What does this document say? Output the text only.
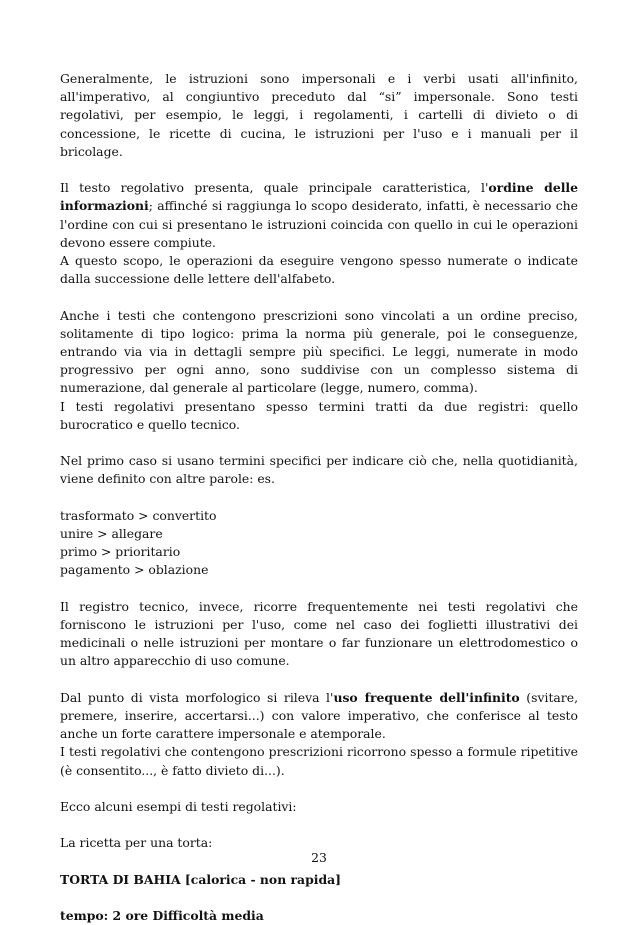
Generalmente, le istruzioni sono impersonali e i verbi usati all'infinito, all'imperativo, al congiuntivo preceduto dal “si” impersonale. Sono testi regolativi, per esempio, le leggi, i regolamenti, i cartelli di divieto o di concessione, le ricette di cucina, le istruzioni per l'uso e i manuali per il bricolage.

Il testo regolativo presenta, quale principale caratteristica, l'ordine delle informazioni; affinché si raggiunga lo scopo desiderato, infatti, è necessario che l'ordine con cui si presentano le istruzioni coincida con quello in cui le operazioni devono essere compiute.

A questo scopo, le operazioni da eseguire vengono spesso numerate o indicate dalla successione delle lettere dell'alfabeto.

Anche i testi che contengono prescrizioni sono vincolati a un ordine preciso, solitamente di tipo logico: prima la norma più generale, poi le conseguenze, entrando via via in dettagli sempre più specifici. Le leggi, numerate in modo progressivo per ogni anno, sono suddivise con un complesso sistema di numerazione, dal generale al particolare (legge, numero, comma).

I testi regolativi presentano spesso termini tratti da due registri: quello burocratico e quello tecnico.

Nel primo caso si usano termini specifici per indicare ciò che, nella quotidianità, viene definito con altre parole: es.

trasformato > convertito

unire > allegare

primo > prioritario

pagamento > oblazione

Il registro tecnico, invece, ricorre frequentemente nei testi regolativi che forniscono le istruzioni per l'uso, come nel caso dei foglietti illustrativi dei medicinali o nelle istruzioni per montare o far funzionare un elettrodomestico o un altro apparecchio di uso comune.

Dal punto di vista morfologico si rileva l'uso frequente dell'infinito (svitare, premere, inserire, accertarsi...) con valore imperativo, che conferisce al testo anche un forte carattere impersonale e atemporale.

I testi regolativi che contengono prescrizioni ricorrono spesso a formule ripetitive (è consentito..., è fatto divieto di...).

Ecco alcuni esempi di testi regolativi:

La ricetta per una torta:

TORTA DI BAHIA [calorica - non rapida]

tempo: 2 ore Difficoltà media

23
